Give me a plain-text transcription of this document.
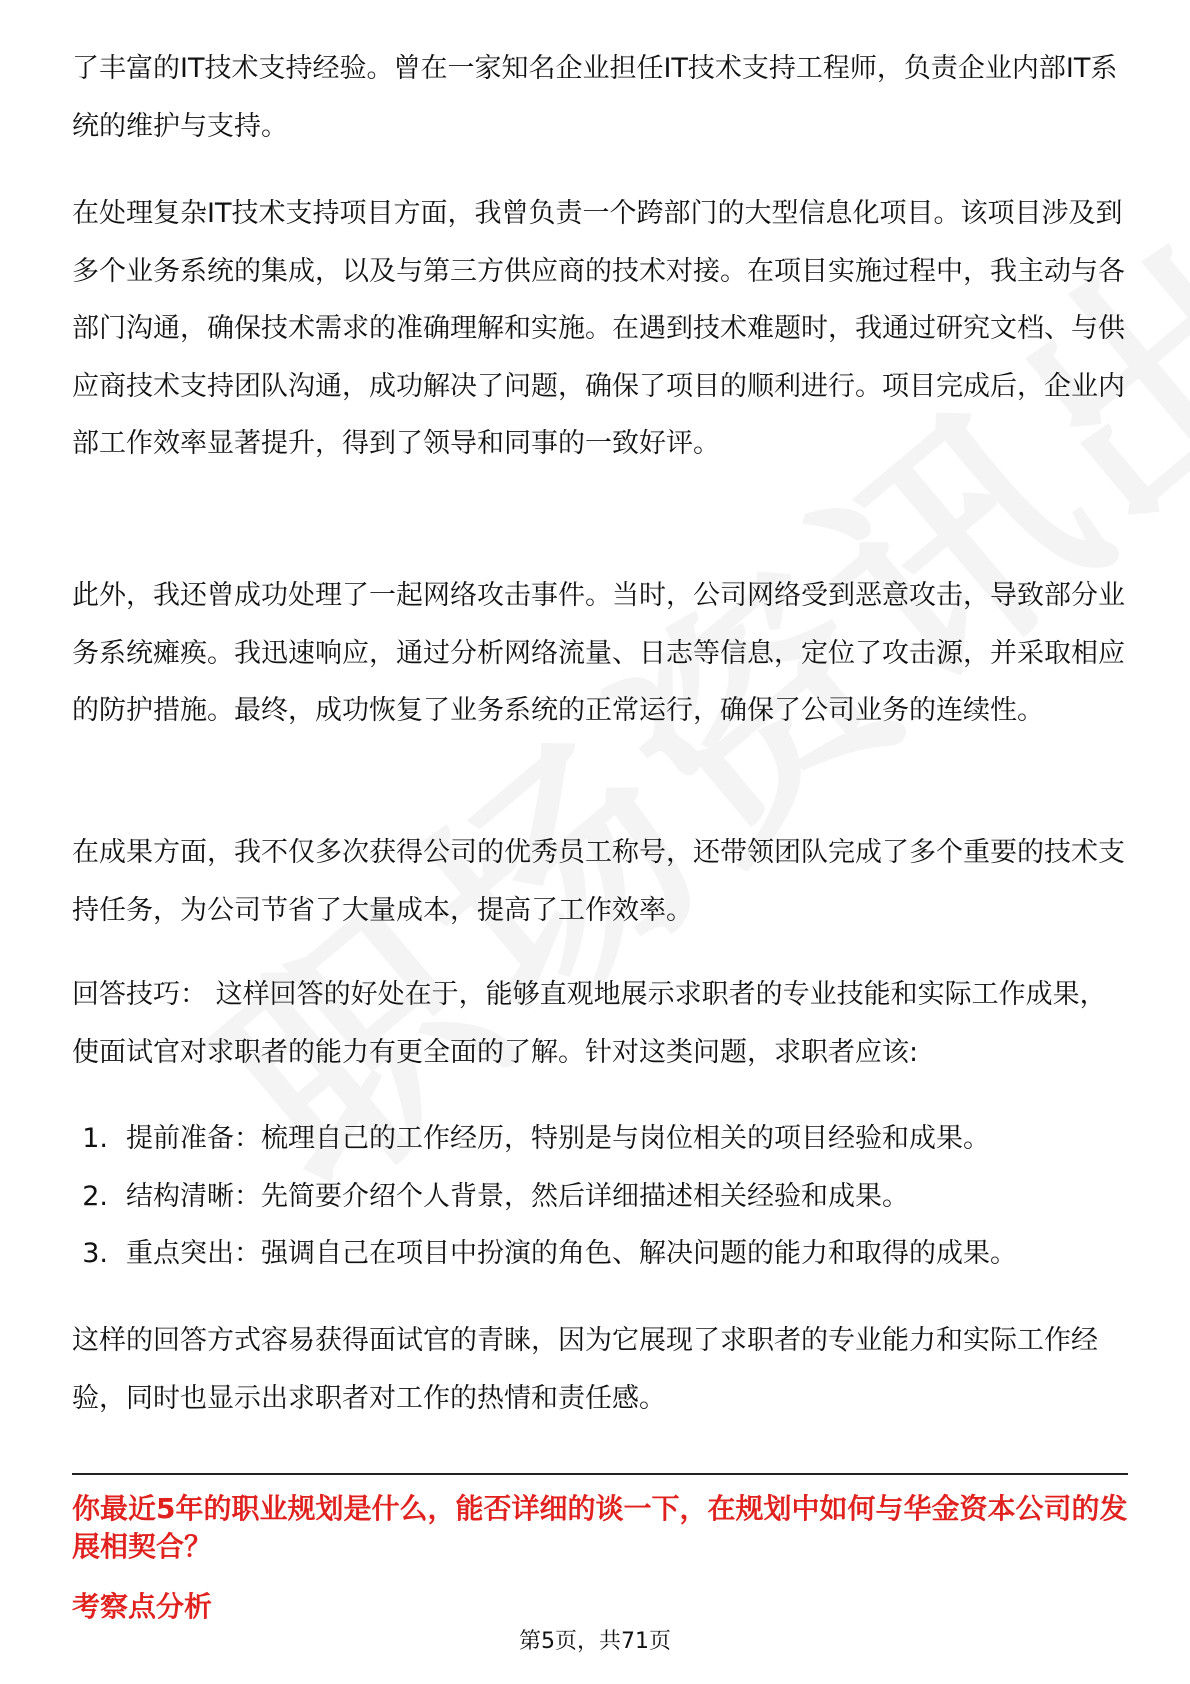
了丰富的IT技术支持经验。曾在一家知名企业担任IT技术支持工程师，负责企业内部IT系统的维护与支持。

在处理复杂IT技术支持项目方面，我曾负责一个跨部门的大型信息化项目。该项目涉及到多个业务系统的集成，以及与第三方供应商的技术对接。在项目实施过程中，我主动与各部门沟通，确保技术需求的准确理解和实施。在遇到技术难题时，我通过研究文档、与供应商技术支持团队沟通，成功解决了问题，确保了项目的顺利进行。项目完成后，企业内部工作效率显著提升，得到了领导和同事的一致好评。

此外，我还曾成功处理了一起网络攻击事件。当时，公司网络受到恶意攻击，导致部分业务系统瘫痪。我迅速响应，通过分析网络流量、日志等信息，定位了攻击源，并采取相应的防护措施。最终，成功恢复了业务系统的正常运行，确保了公司业务的连续性。

在成果方面，我不仅多次获得公司的优秀员工称号，还带领团队完成了多个重要的技术支持任务，为公司节省了大量成本，提高了工作效率。

回答技巧： 这样回答的好处在于，能够直观地展示求职者的专业技能和实际工作成果，使面试官对求职者的能力有更全面的了解。针对这类问题，求职者应该:

1. 提前准备：梳理自己的工作经历，特别是与岗位相关的项目经验和成果。
2. 结构清晰：先简要介绍个人背景，然后详细描述相关经验和成果。
3. 重点突出：强调自己在项目中扮演的角色、解决问题的能力和取得的成果。

这样的回答方式容易获得面试官的青睐，因为它展现了求职者的专业能力和实际工作经验，同时也显示出求职者对工作的热情和责任感。

你最近5年的职业规划是什么，能否详细的谈一下，在规划中如何与华金资本公司的发展相契合？

考察点分析

第5页，共71页
